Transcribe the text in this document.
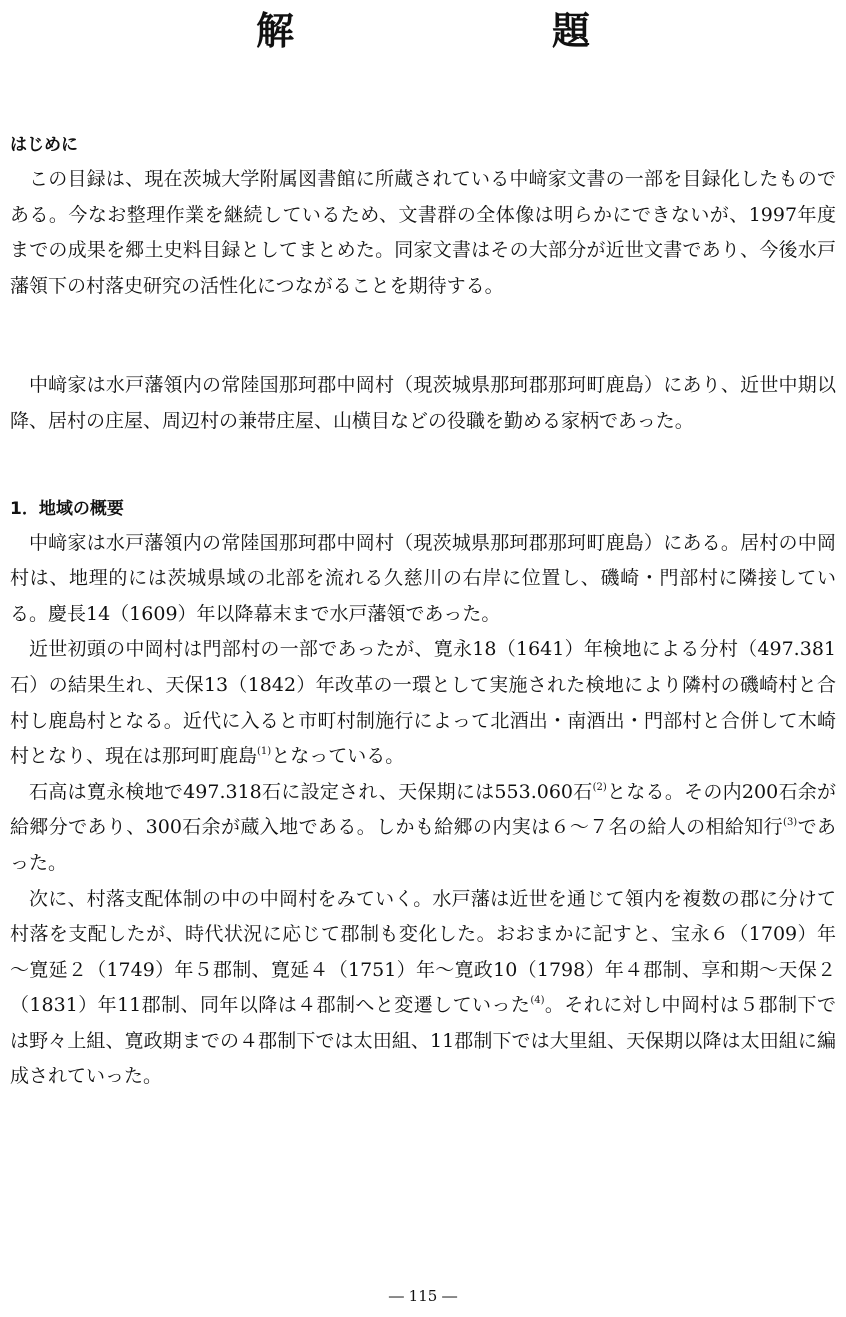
解　題
はじめに

この目録は、現在茨城大学附属図書館に所蔵されている中﨑家文書の一部を目録化したものである。今なお整理作業を継続しているため、文書群の全体像は明らかにできないが、1997年度までの成果を郷土史料目録としてまとめた。同家文書はその大部分が近世文書であり、今後水戸藩領下の村落史研究の活性化につながることを期待する。

中﨑家は水戸藩領内の常陸国那珂郡中岡村（現茨城県那珂郡那珂町鹿島）にあり、近世中期以降、居村の庄屋、周辺村の兼帯庄屋、山横目などの役職を勤める家柄であった。

1．地域の概要

中﨑家は水戸藩領内の常陸国那珂郡中岡村（現茨城県那珂郡那珂町鹿島）にある。居村の中岡村は、地理的には茨城県域の北部を流れる久慈川の右岸に位置し、磯崎・門部村に隣接している。慶長14（1609）年以降幕末まで水戸藩領であった。

近世初頭の中岡村は門部村の一部であったが、寛永18（1641）年検地による分村（497.381石）の結果生れ、天保13（1842）年改革の一環として実施された検地により隣村の磯崎村と合村し鹿島村となる。近代に入ると市町村制施行によって北酒出・南酒出・門部村と合併して木崎村となり、現在は那珂町鹿島$^{(1)}$となっている。

石高は寛永検地で497.318石に設定され、天保期には553.060石$^{(2)}$となる。その内200石余が給郷分であり、300石余が蔵入地である。しかも給郷の内実は６～７名の給人の相給知行$^{(3)}$であった。

次に、村落支配体制の中の中岡村をみていく。水戸藩は近世を通じて領内を複数の郡に分けて村落を支配したが、時代状況に応じて郡制も変化した。おおまかに記すと、宝永６（1709）年～寛延２（1749）年５郡制、寛延４（1751）年～寛政10（1798）年４郡制、享和期～天保２（1831）年11郡制、同年以降は４郡制へと変遷していった$^{(4)}$。それに対し中岡村は５郡制下では野々上組、寛政期までの４郡制下では太田組、11郡制下では大里組、天保期以降は太田組に編成されていった。

― 115 ―
